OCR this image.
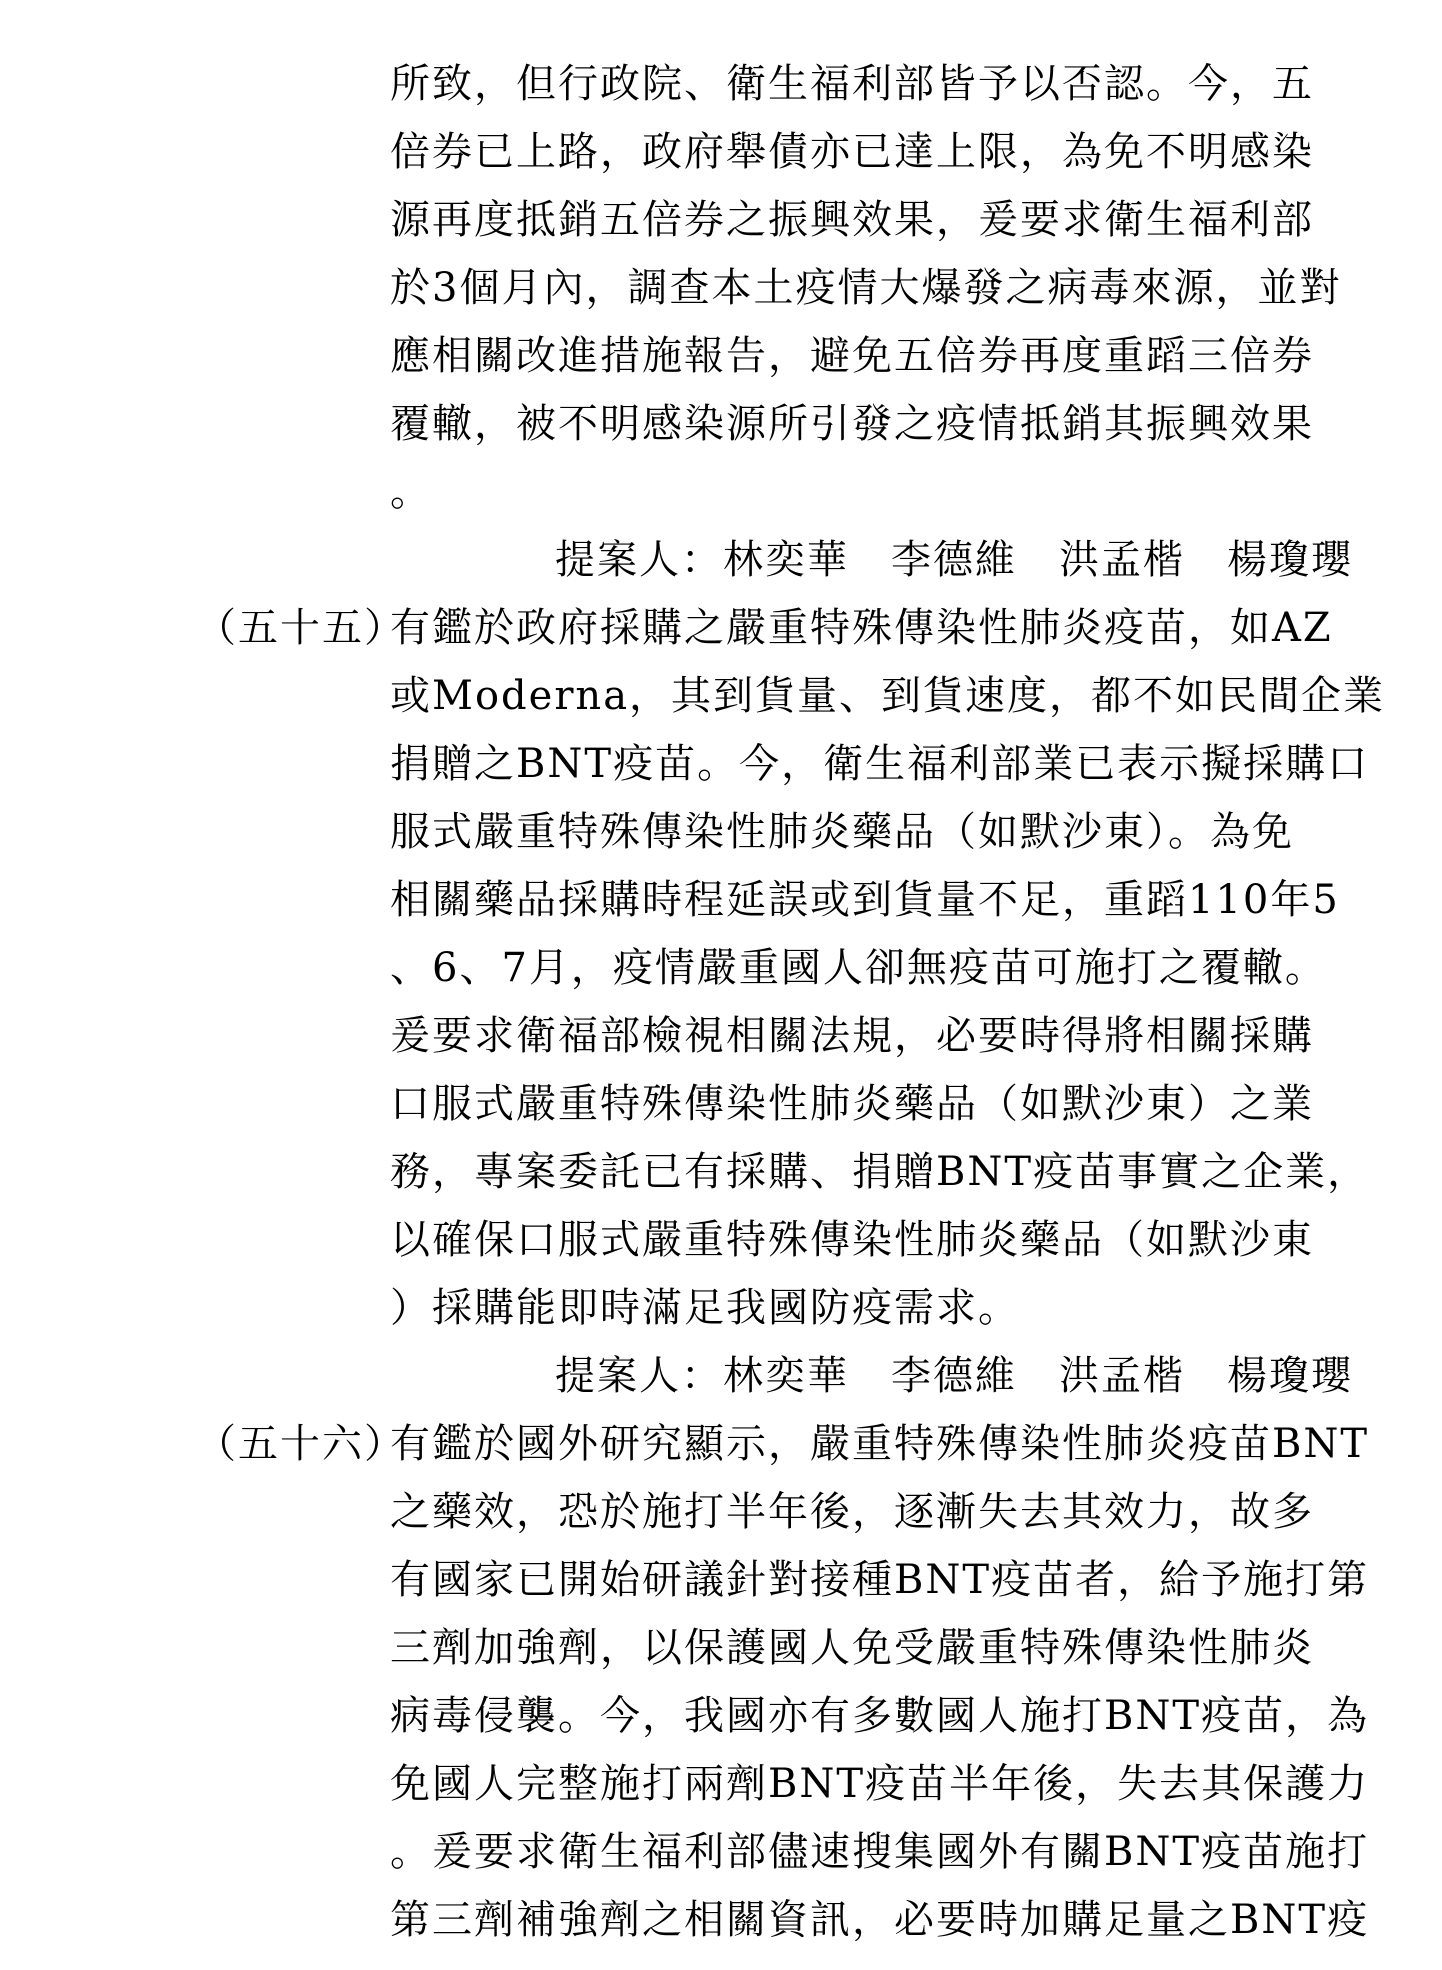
所致，但行政院、衛生福利部皆予以否認。今，五
倍券已上路，政府舉債亦已達上限，為免不明感染
源再度抵銷五倍券之振興效果，爰要求衛生福利部
於3個月內，調查本土疫情大爆發之病毒來源，並對
應相關改進措施報告，避免五倍券再度重蹈三倍券
覆轍，被不明感染源所引發之疫情抵銷其振興效果
。
提案人：林奕華　李德維　洪孟楷　楊瓊瓔
（五十五）
有鑑於政府採購之嚴重特殊傳染性肺炎疫苗，如AZ
或Moderna，其到貨量、到貨速度，都不如民間企業
捐贈之BNT疫苗。今，衛生福利部業已表示擬採購口
服式嚴重特殊傳染性肺炎藥品（如默沙東）。為免
相關藥品採購時程延誤或到貨量不足，重蹈110年5
、6、7月，疫情嚴重國人卻無疫苗可施打之覆轍。
爰要求衛福部檢視相關法規，必要時得將相關採購
口服式嚴重特殊傳染性肺炎藥品（如默沙東）之業
務，專案委託已有採購、捐贈BNT疫苗事實之企業，
以確保口服式嚴重特殊傳染性肺炎藥品（如默沙東
）採購能即時滿足我國防疫需求。
提案人：林奕華　李德維　洪孟楷　楊瓊瓔
（五十六）
有鑑於國外研究顯示，嚴重特殊傳染性肺炎疫苗BNT
之藥效，恐於施打半年後，逐漸失去其效力，故多
有國家已開始研議針對接種BNT疫苗者，給予施打第
三劑加強劑，以保護國人免受嚴重特殊傳染性肺炎
病毒侵襲。今，我國亦有多數國人施打BNT疫苗，為
免國人完整施打兩劑BNT疫苗半年後，失去其保護力
。爰要求衛生福利部儘速搜集國外有關BNT疫苗施打
第三劑補強劑之相關資訊，必要時加購足量之BNT疫
